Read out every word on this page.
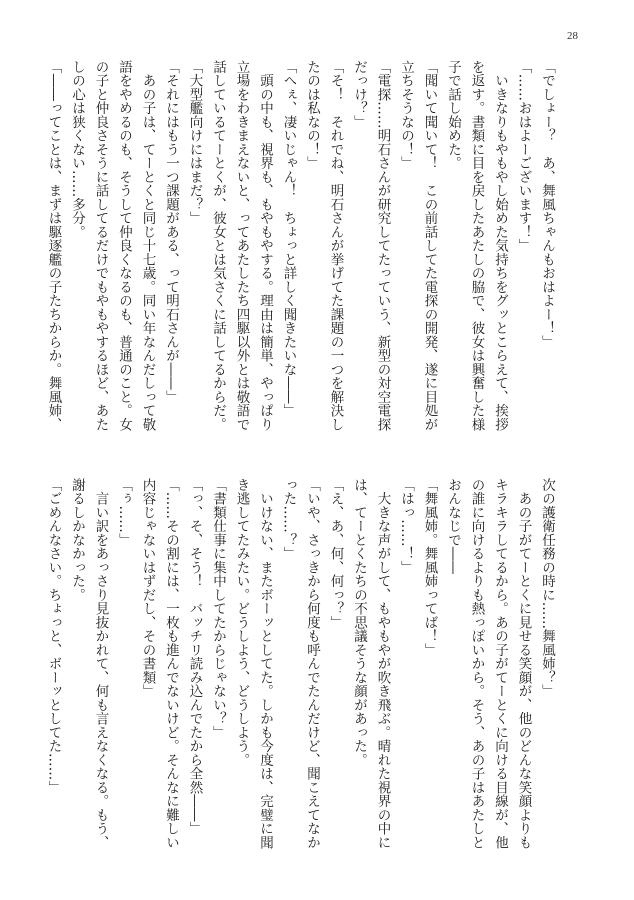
28
「でしょー？　あ、舞風ちゃんもおはよー！」
「……おはよーございます！」
　いきなりもやもやし始めた気持ちをグッとこらえて、挨拶
を返す。書類に目を戻したあたしの脇で、彼女は興奮した様
子で話し始めた。
「聞いて聞いて！　この前話してた電探の開発、遂に目処が
立ちそうなの！」
「電探……明石さんが研究してたっていう、新型の対空電探
だっけ？」
「そ！　それでね、明石さんが挙げてた課題の一つを解決し
たのは私なの！」
「へぇ、凄いじゃん！　ちょっと詳しく聞きたいな――」
　頭の中も、視界も、もやもやする。理由は簡単、やっぱり
立場をわきまえないと、ってあたしたち四駆以外とは敬語で
話しているてーとくが、彼女とは気さくに話してるからだ。
「大型艦向けにはまだ？」
「それにはもう一つ課題がある、って明石さんが――」
　あの子は、てーとくと同じ十七歳。同い年なんだしって敬
語をやめるのも、そうして仲良くなるのも、普通のこと。女
の子と仲良さそうに話してるだけでもやもやするほど、あた
しの心は狭くない……多分。
「――ってことは、まずは駆逐艦の子たちからか。舞風姉、
次の護衛任務の時に……舞風姉？」
　あの子がてーとくに見せる笑顔が、他のどんな笑顔よりも
キラキラしてるから。あの子がてーとくに向ける目線が、他
の誰に向けるよりも熱っぽいから。そう、あの子はあたしと
おんなじで――
「舞風姉。舞風姉ってば！」
「はっ……！」
　大きな声がして、もやもやが吹き飛ぶ。晴れた視界の中に
は、てーとくたちの不思議そうな顔があった。
「え、あ、何、何っ？」
「いや、さっきから何度も呼んでたんだけど、聞こえてなか
った……？」
　いけない、またボーッとしてた。しかも今度は、完璧に聞
き逃してたみたい。どうしよう、どうしよう。
「書類仕事に集中してたからじゃない？」
「っ、そ、そう！　バッチリ読み込んでたから全然――」
「……その割には、一枚も進んでないけど。そんなに難しい
内容じゃないはずだし、その書類」
「ぅ……」
　言い訳をあっさり見抜かれて、何も言えなくなる。もう、
謝るしかなかった。
「ごめんなさい。ちょっと、ボーッとしてた……」
